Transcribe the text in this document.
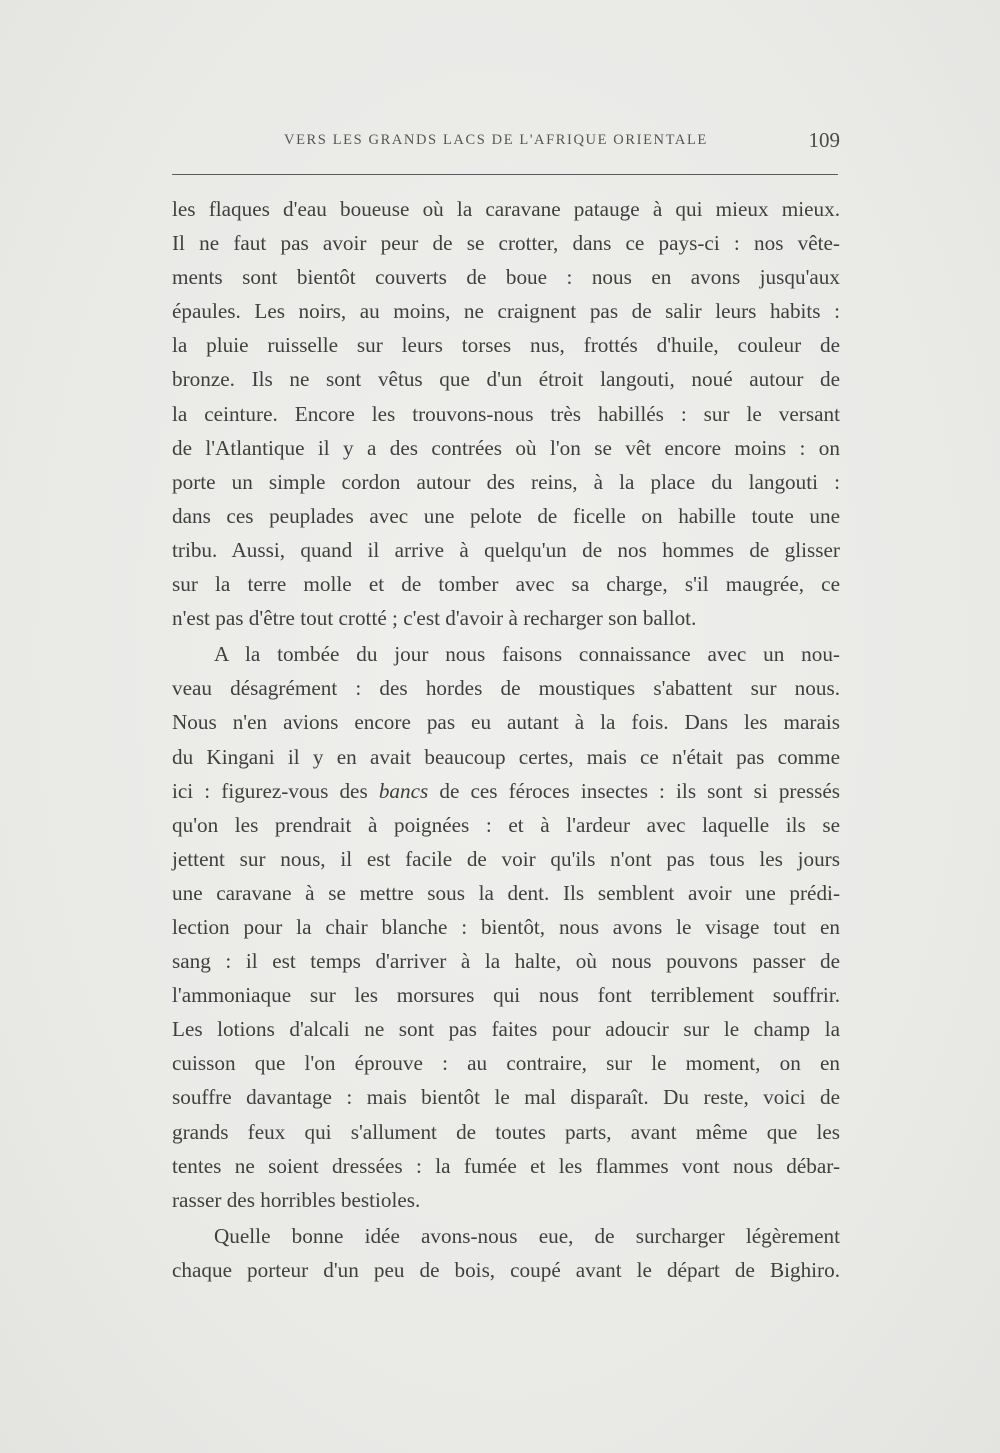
VERS LES GRANDS LACS DE L'AFRIQUE ORIENTALE	109
les flaques d'eau boueuse où la caravane patauge à qui mieux mieux.
Il ne faut pas avoir peur de se crotter, dans ce pays-ci : nos vête-
ments sont bientôt couverts de boue : nous en avons jusqu'aux
épaules. Les noirs, au moins, ne craignent pas de salir leurs habits :
la pluie ruisselle sur leurs torses nus, frottés d'huile, couleur de
bronze. Ils ne sont vêtus que d'un étroit langouti, noué autour de
la ceinture. Encore les trouvons-nous très habillés : sur le versant
de l'Atlantique il y a des contrées où l'on se vêt encore moins : on
porte un simple cordon autour des reins, à la place du langouti :
dans ces peuplades avec une pelote de ficelle on habille toute une
tribu. Aussi, quand il arrive à quelqu'un de nos hommes de glisser
sur la terre molle et de tomber avec sa charge, s'il maugrée, ce
n'est pas d'être tout crotté ; c'est d'avoir à recharger son ballot.
A la tombée du jour nous faisons connaissance avec un nou-
veau désagrément : des hordes de moustiques s'abattent sur nous.
Nous n'en avions encore pas eu autant à la fois. Dans les marais
du Kingani il y en avait beaucoup certes, mais ce n'était pas comme
ici : figurez-vous des bancs de ces féroces insectes : ils sont si pressés
qu'on les prendrait à poignées : et à l'ardeur avec laquelle ils se
jettent sur nous, il est facile de voir qu'ils n'ont pas tous les jours
une caravane à se mettre sous la dent. Ils semblent avoir une prédi-
lection pour la chair blanche : bientôt, nous avons le visage tout en
sang : il est temps d'arriver à la halte, où nous pouvons passer de
l'ammoniaque sur les morsures qui nous font terriblement souffrir.
Les lotions d'alcali ne sont pas faites pour adoucir sur le champ la
cuisson que l'on éprouve : au contraire, sur le moment, on en
souffre davantage : mais bientôt le mal disparaît. Du reste, voici de
grands feux qui s'allument de toutes parts, avant même que les
tentes ne soient dressées : la fumée et les flammes vont nous débar-
rasser des horribles bestioles.
Quelle bonne idée avons-nous eue, de surcharger légèrement
chaque porteur d'un peu de bois, coupé avant le départ de Bighiro.
